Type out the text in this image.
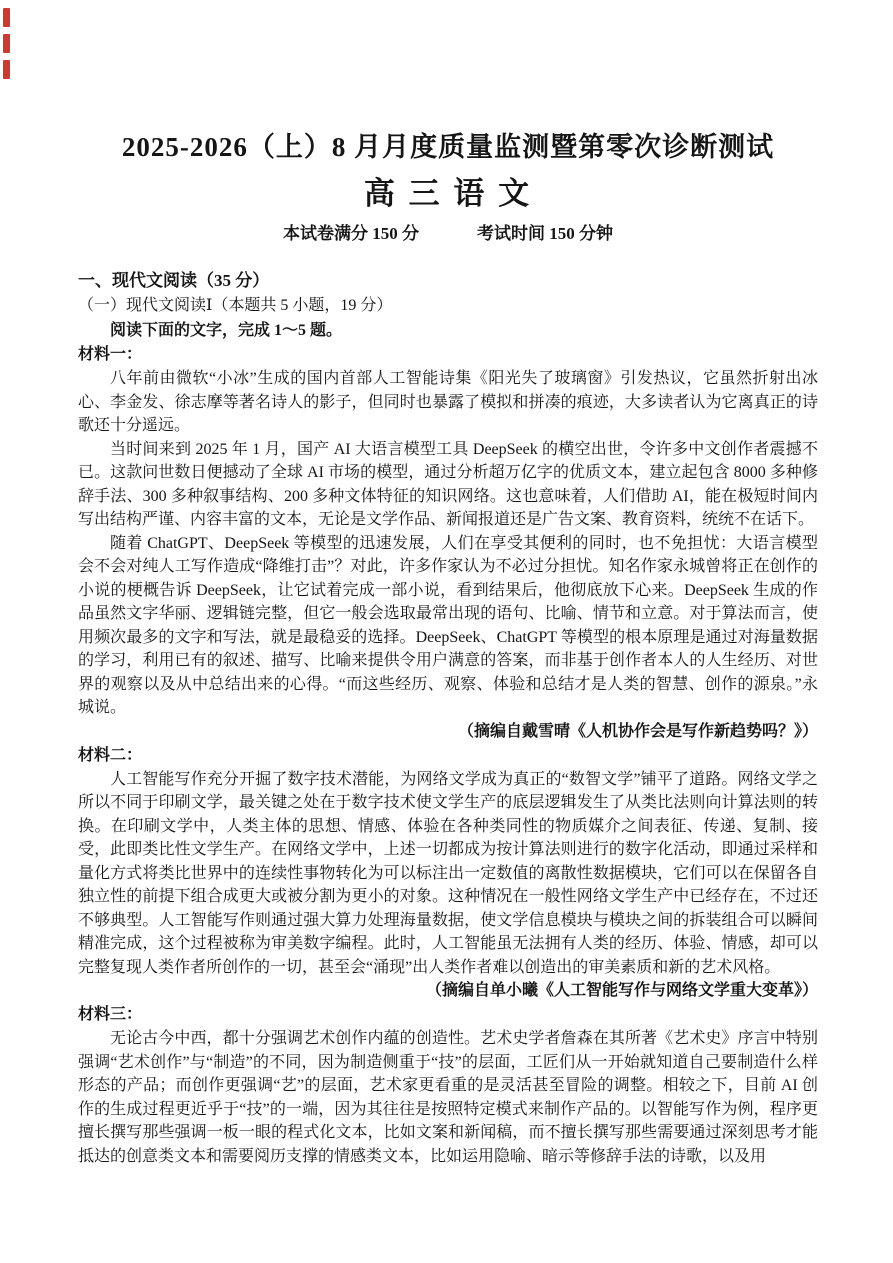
2025-2026（上）8 月月度质量监测暨第零次诊断测试
高 三 语 文
本试卷满分 150 分	考试时间 150 分钟

一、现代文阅读（35 分）

（一）现代文阅读Ⅰ（本题共 5 小题，19 分）

阅读下面的文字，完成 1～5 题。

材料一：

八年前由微软“小冰”生成的国内首部人工智能诗集《阳光失了玻璃窗》引发热议，它虽然折射出冰心、李金发、徐志摩等著名诗人的影子，但同时也暴露了模拟和拼凑的痕迹，大多读者认为它离真正的诗歌还十分遥远。

当时间来到 2025 年 1 月，国产 AI 大语言模型工具 DeepSeek 的横空出世，令许多中文创作者震撼不已。这款问世数日便撼动了全球 AI 市场的模型，通过分析超万亿字的优质文本，建立起包含 8000 多种修辞手法、300 多种叙事结构、200 多种文体特征的知识网络。这也意味着，人们借助 AI，能在极短时间内写出结构严谨、内容丰富的文本，无论是文学作品、新闻报道还是广告文案、教育资料，统统不在话下。

随着 ChatGPT、DeepSeek 等模型的迅速发展，人们在享受其便利的同时，也不免担忧：大语言模型会不会对纯人工写作造成“降维打击”？对此，许多作家认为不必过分担忧。知名作家永城曾将正在创作的小说的梗概告诉 DeepSeek，让它试着完成一部小说，看到结果后，他彻底放下心来。DeepSeek 生成的作品虽然文字华丽、逻辑链完整，但它一般会选取最常出现的语句、比喻、情节和立意。对于算法而言，使用频次最多的文字和写法，就是最稳妥的选择。DeepSeek、ChatGPT 等模型的根本原理是通过对海量数据的学习，利用已有的叙述、描写、比喻来提供令用户满意的答案，而非基于创作者本人的人生经历、对世界的观察以及从中总结出来的心得。“而这些经历、观察、体验和总结才是人类的智慧、创作的源泉。”永城说。

（摘编自戴雪晴《人机协作会是写作新趋势吗？》）

材料二：

人工智能写作充分开掘了数字技术潜能，为网络文学成为真正的“数智文学”铺平了道路。网络文学之所以不同于印刷文学，最关键之处在于数字技术使文学生产的底层逻辑发生了从类比法则向计算法则的转换。在印刷文学中，人类主体的思想、情感、体验在各种类同性的物质媒介之间表征、传递、复制、接受，此即类比性文学生产。在网络文学中，上述一切都成为按计算法则进行的数字化活动，即通过采样和量化方式将类比世界中的连续性事物转化为可以标注出一定数值的离散性数据模块，它们可以在保留各自独立性的前提下组合成更大或被分割为更小的对象。这种情况在一般性网络文学生产中已经存在，不过还不够典型。人工智能写作则通过强大算力处理海量数据，使文学信息模块与模块之间的拆装组合可以瞬间精准完成，这个过程被称为审美数字编程。此时，人工智能虽无法拥有人类的经历、体验、情感，却可以完整复现人类作者所创作的一切，甚至会“涌现”出人类作者难以创造出的审美素质和新的艺术风格。

（摘编自单小曦《人工智能写作与网络文学重大变革》）

材料三：

无论古今中西，都十分强调艺术创作内蕴的创造性。艺术史学者詹森在其所著《艺术史》序言中特别强调“艺术创作”与“制造”的不同，因为制造侧重于“技”的层面，工匠们从一开始就知道自己要制造什么样形态的产品；而创作更强调“艺”的层面，艺术家更看重的是灵活甚至冒险的调整。相较之下，目前 AI 创作的生成过程更近乎于“技”的一端，因为其往往是按照特定模式来制作产品的。以智能写作为例，程序更擅长撰写那些强调一板一眼的程式化文本，比如文案和新闻稿，而不擅长撰写那些需要通过深刻思考才能抵达的创意类文本和需要阅历支撑的情感类文本，比如运用隐喻、暗示等修辞手法的诗歌，以及用
